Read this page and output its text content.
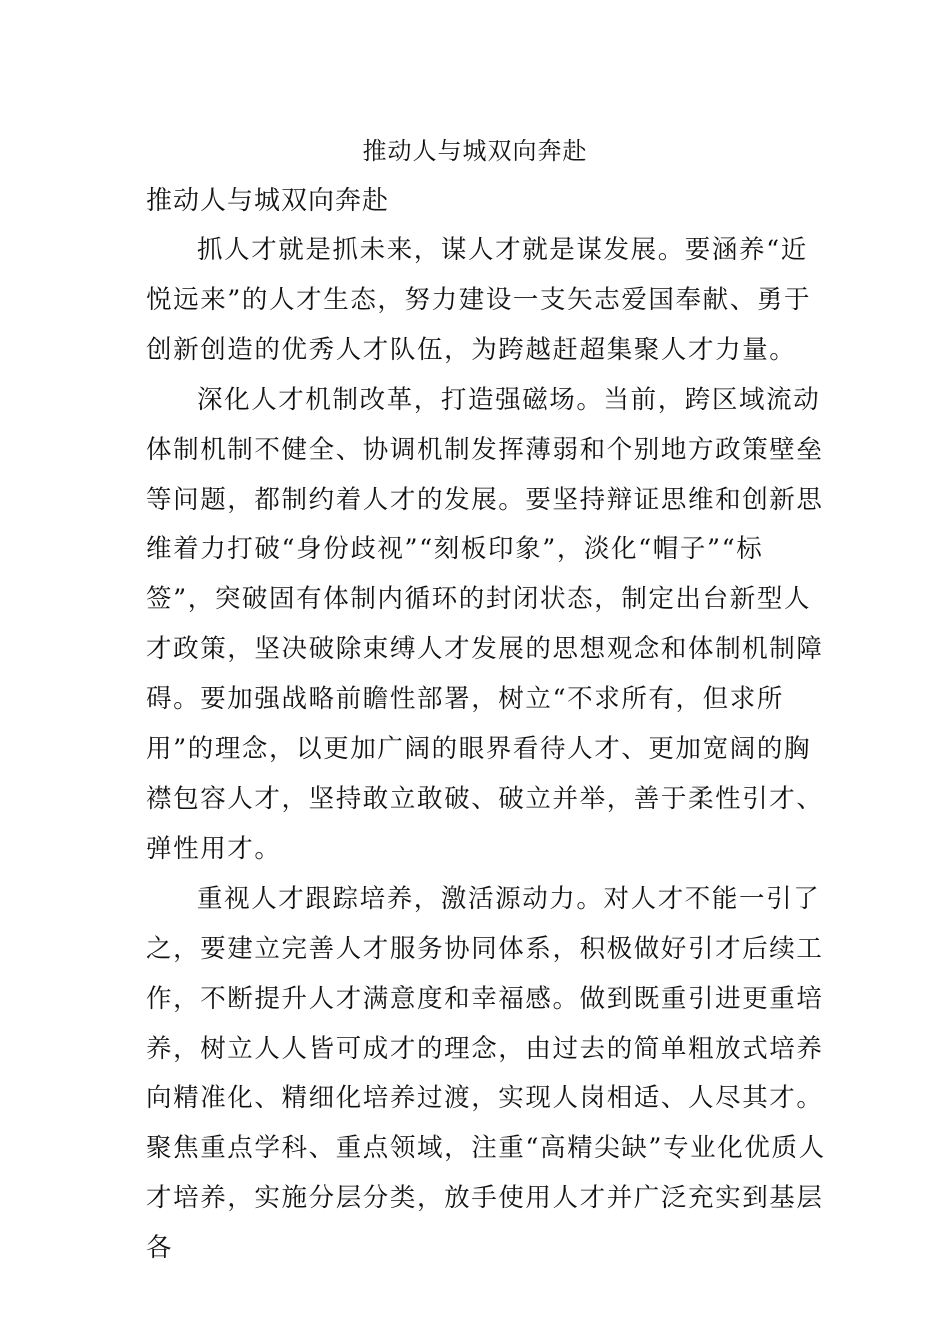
推动人与城双向奔赴
推动人与城双向奔赴

抓人才就是抓未来，谋人才就是谋发展。要涵养“近悦远来”的人才生态，努力建设一支矢志爱国奉献、勇于创新创造的优秀人才队伍，为跨越赶超集聚人才力量。

深化人才机制改革，打造强磁场。当前，跨区域流动体制机制不健全、协调机制发挥薄弱和个别地方政策壁垒等问题，都制约着人才的发展。要坚持辩证思维和创新思维着力打破“身份歧视”“刻板印象”，淡化“帽子”“标签”，突破固有体制内循环的封闭状态，制定出台新型人才政策，坚决破除束缚人才发展的思想观念和体制机制障碍。要加强战略前瞻性部署，树立“不求所有，但求所用”的理念，以更加广阔的眼界看待人才、更加宽阔的胸襟包容人才，坚持敢立敢破、破立并举，善于柔性引才、弹性用才。

重视人才跟踪培养，激活源动力。对人才不能一引了之，要建立完善人才服务协同体系，积极做好引才后续工作，不断提升人才满意度和幸福感。做到既重引进更重培养，树立人人皆可成才的理念，由过去的简单粗放式培养向精准化、精细化培养过渡，实现人岗相适、人尽其才。聚焦重点学科、重点领域，注重“高精尖缺”专业化优质人才培养，实施分层分类，放手使用人才并广泛充实到基层各
